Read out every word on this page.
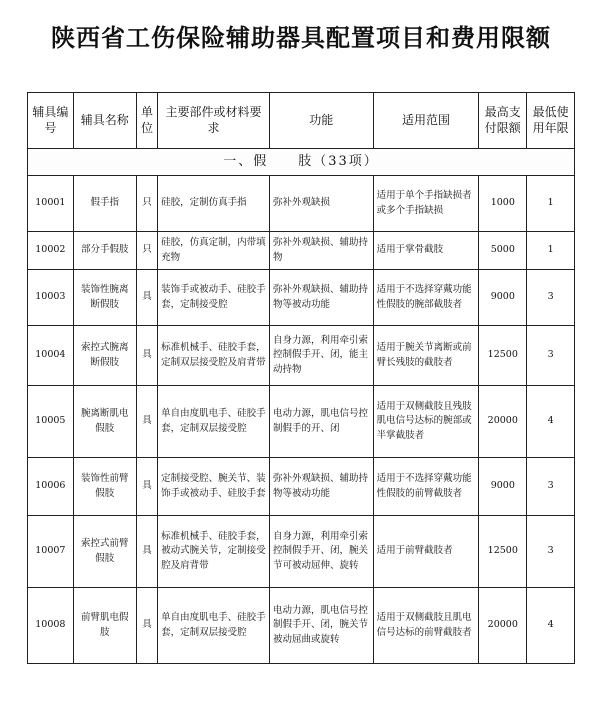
陕西省工伤保险辅助器具配置项目和费用限额
辅具编号	辅具名称	单位	主要部件或材料要求	功能	适用范围	最高支付限额	最低使用年限
一、假　　肢（33项）							
10001	假手指	只	硅胶，定制仿真手指	弥补外观缺损	适用于单个手指缺损者或多个手指缺损	1000	1
10002	部分手假肢	只	硅胶，仿真定制，内带填充物	弥补外观缺损、辅助持物	适用于掌骨截肢	5000	1
10003	装饰性腕离断假肢	具	装饰手或被动手、硅胶手套，定制接受腔	弥补外观缺损、辅助持物等被动功能	适用于不选择穿戴功能性假肢的腕部截肢者	9000	3
10004	索控式腕离断假肢	具	标准机械手、硅胶手套，定制双层接受腔及肩背带	自身力源，利用牵引索控制假手开、闭，能主动持物	适用于腕关节离断或前臂长残肢的截肢者	12500	3
10005	腕离断肌电假肢	具	单自由度肌电手、硅胶手套，定制双层接受腔	电动力源，肌电信号控制假手的开、闭	适用于双侧截肢且残肢肌电信号达标的腕部或半掌截肢者	20000	4
10006	装饰性前臂假肢	具	定制接受腔、腕关节、装饰手或被动手、硅胶手套	弥补外观缺损、辅助持物等被动功能	适用于不选择穿戴功能性假肢的前臂截肢者	9000	3
10007	索控式前臂假肢	具	标准机械手、硅胶手套，被动式腕关节，定制接受腔及肩背带	自身力源，利用牵引索控制假手开、闭，腕关节可被动屈伸、旋转	适用于前臂截肢者	12500	3
10008	前臂肌电假肢	具	单自由度肌电手、硅胶手套，定制双层接受腔	电动力源，肌电信号控制假手开、闭，腕关节被动屈曲或旋转	适用于双侧截肢且肌电信号达标的前臂截肢者	20000	4
